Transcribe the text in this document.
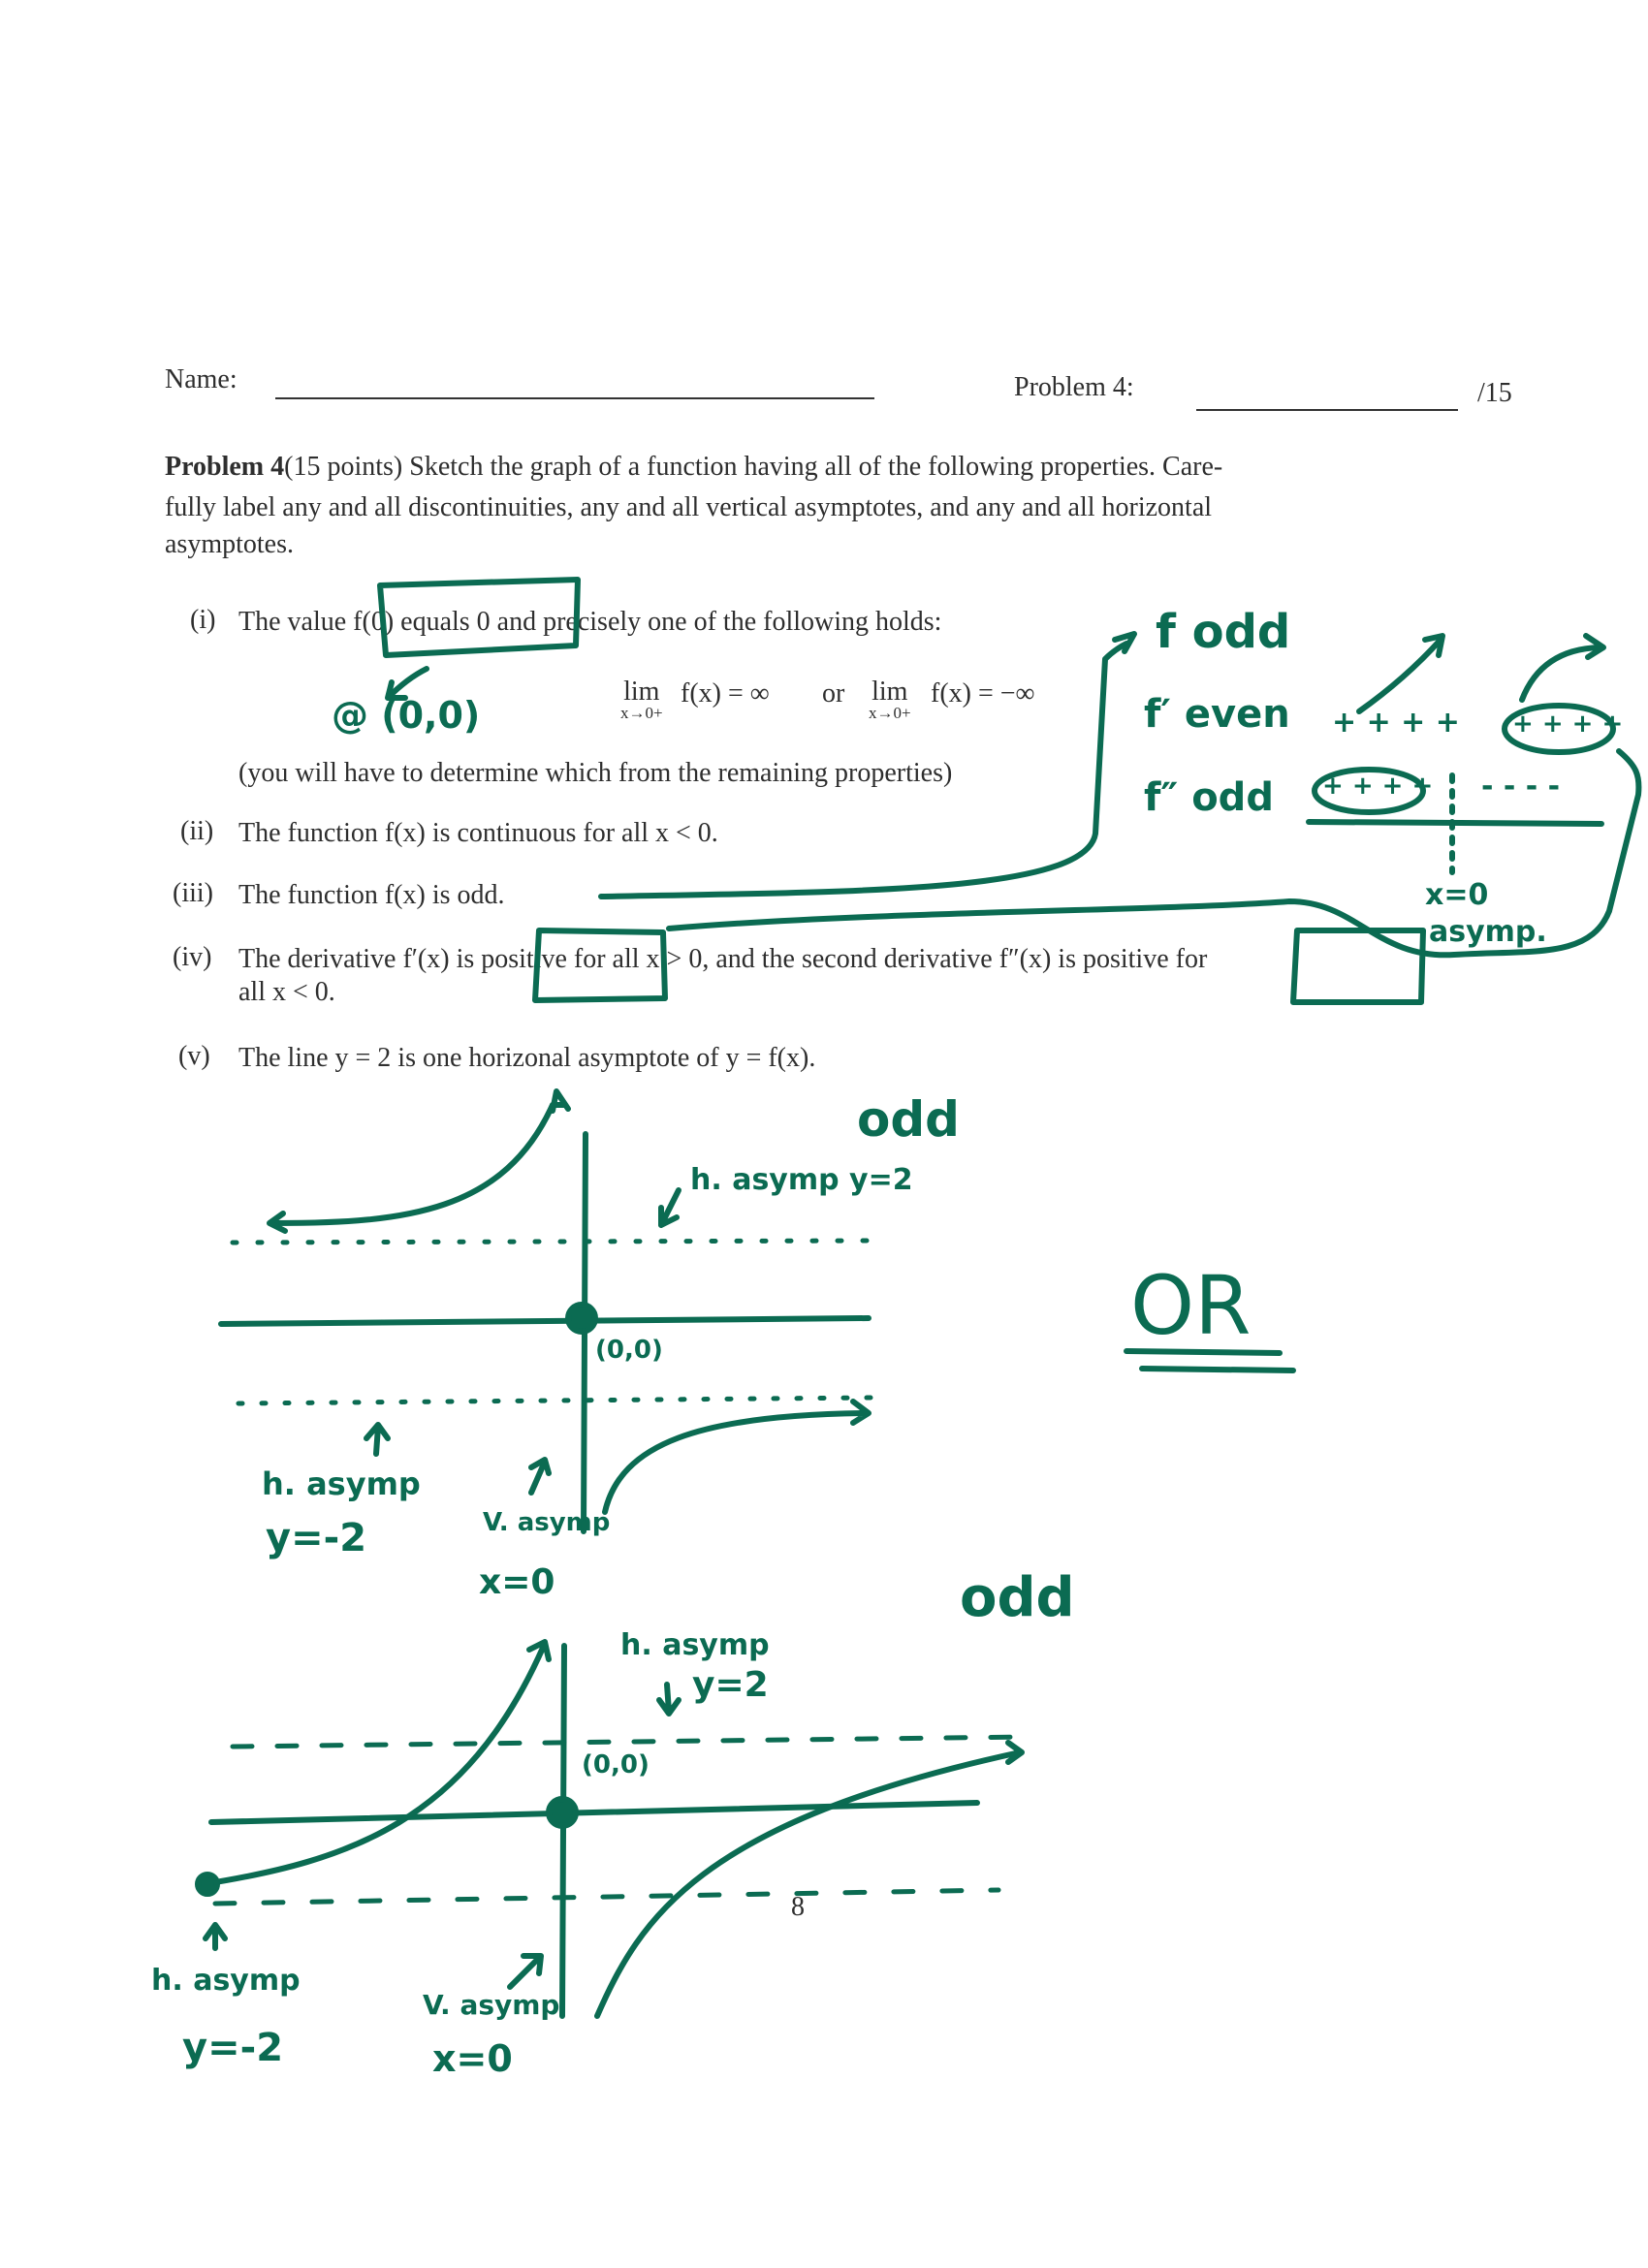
Name:	Problem 4:	/15
Problem 4(15 points) Sketch the graph of a function having all of the following properties. Care-
fully label any and all discontinuities, any and all vertical asymptotes, and any and all horizontal
asymptotes.
(i) The value f(0) equals 0 and precisely one of the following holds:
lim
x→0+
f(x) = ∞ or lim
x→0+
f(x) = −∞
(you will have to determine which from the remaining properties)
(ii) The function f(x) is continuous for all x < 0.
(iii) The function f(x) is odd.
(iv) The derivative f′(x) is positive for all x > 0, and the second derivative f″(x) is positive for
all x < 0.
(v) The line y = 2 is one horizonal asymptote of y = f(x).
@ (0,0)
f odd
f′ even
f″ odd
+ + + + + + + +
+ + + + - - - -
x=0
asymp.
OR
odd
odd
h. asymp y=2
(0,0)
h. asymp
y=-2	V. asymp
x=0
h. asymp
y=2
(0,0)
h. asymp
y=-2
V. asymp
x=0
8
